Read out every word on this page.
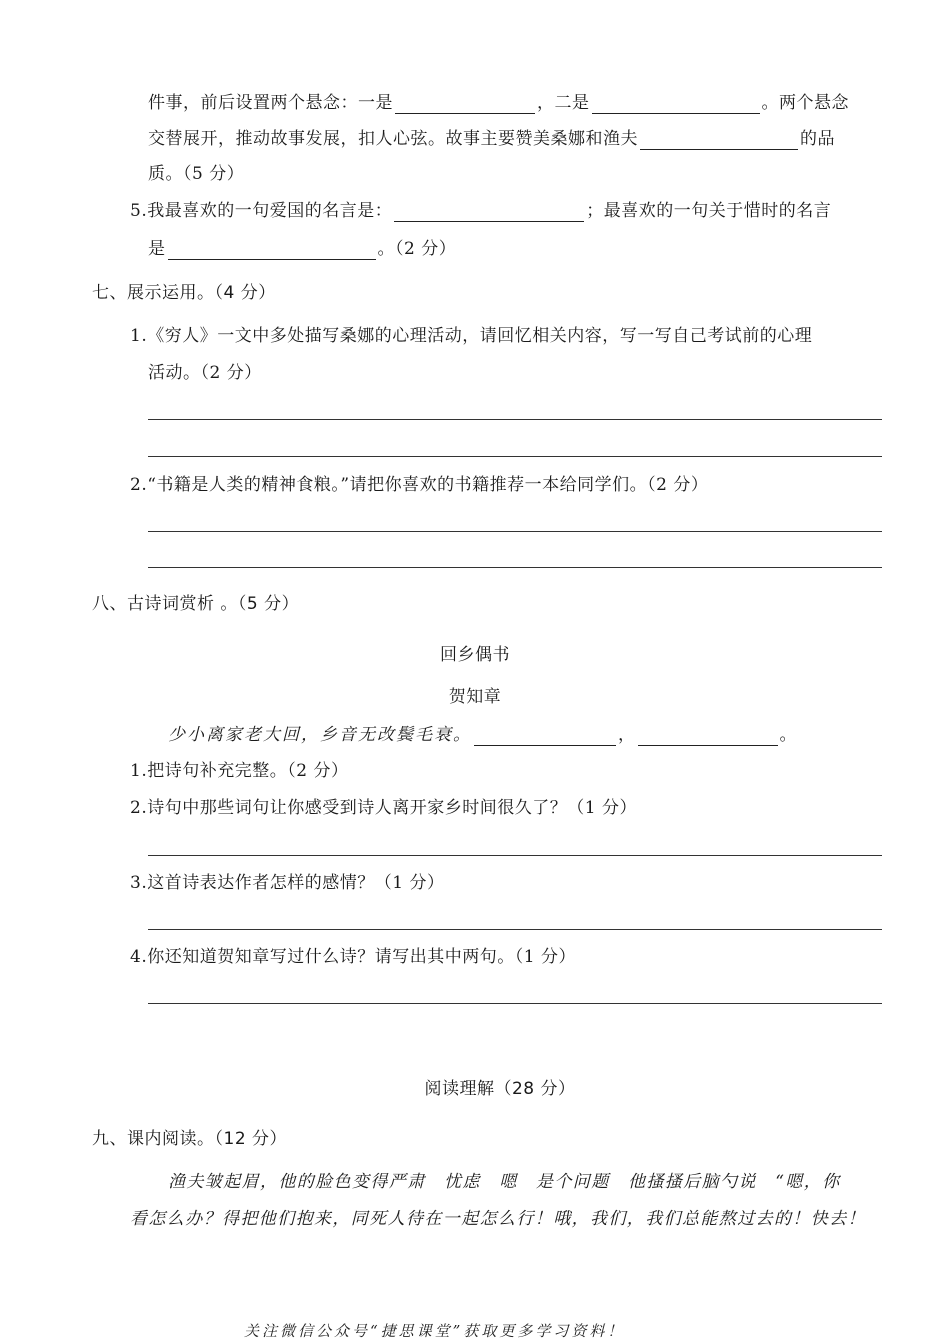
件事，前后设置两个悬念：一是	，二是	。两个悬念
交替展开，推动故事发展，扣人心弦。故事主要赞美桑娜和渔夫	的品
质。（5 分）
5.我最喜欢的一句爱国的名言是：	；最喜欢的一句关于惜时的名言
是	。（2 分）
七、展示运用。（4 分）
1.《穷人》一文中多处描写桑娜的心理活动，请回忆相关内容，写一写自己考试前的心理
活动。（2 分）
2.“书籍是人类的精神食粮。”请把你喜欢的书籍推荐一本给同学们。（2 分）
八、古诗词赏析 。（5 分）
回乡偶书
贺知章
少小离家老大回，乡音无改鬓毛衰。	，	。
1.把诗句补充完整。（2 分）
2.诗句中那些词句让你感受到诗人离开家乡时间很久了？（1 分）
3.这首诗表达作者怎样的感情？（1 分）
4.你还知道贺知章写过什么诗？请写出其中两句。（1 分）
阅读理解（28 分）
九、课内阅读。（12 分）
渔夫皱起眉，他的脸色变得严肃　忧虑　嗯　是个问题　他搔搔后脑勺说　“嗯，你
看怎么办？得把他们抱来，同死人待在一起怎么行！哦，我们，我们总能熬过去的！快去！
关注微信公众号“捷思课堂”获取更多学习资料！
